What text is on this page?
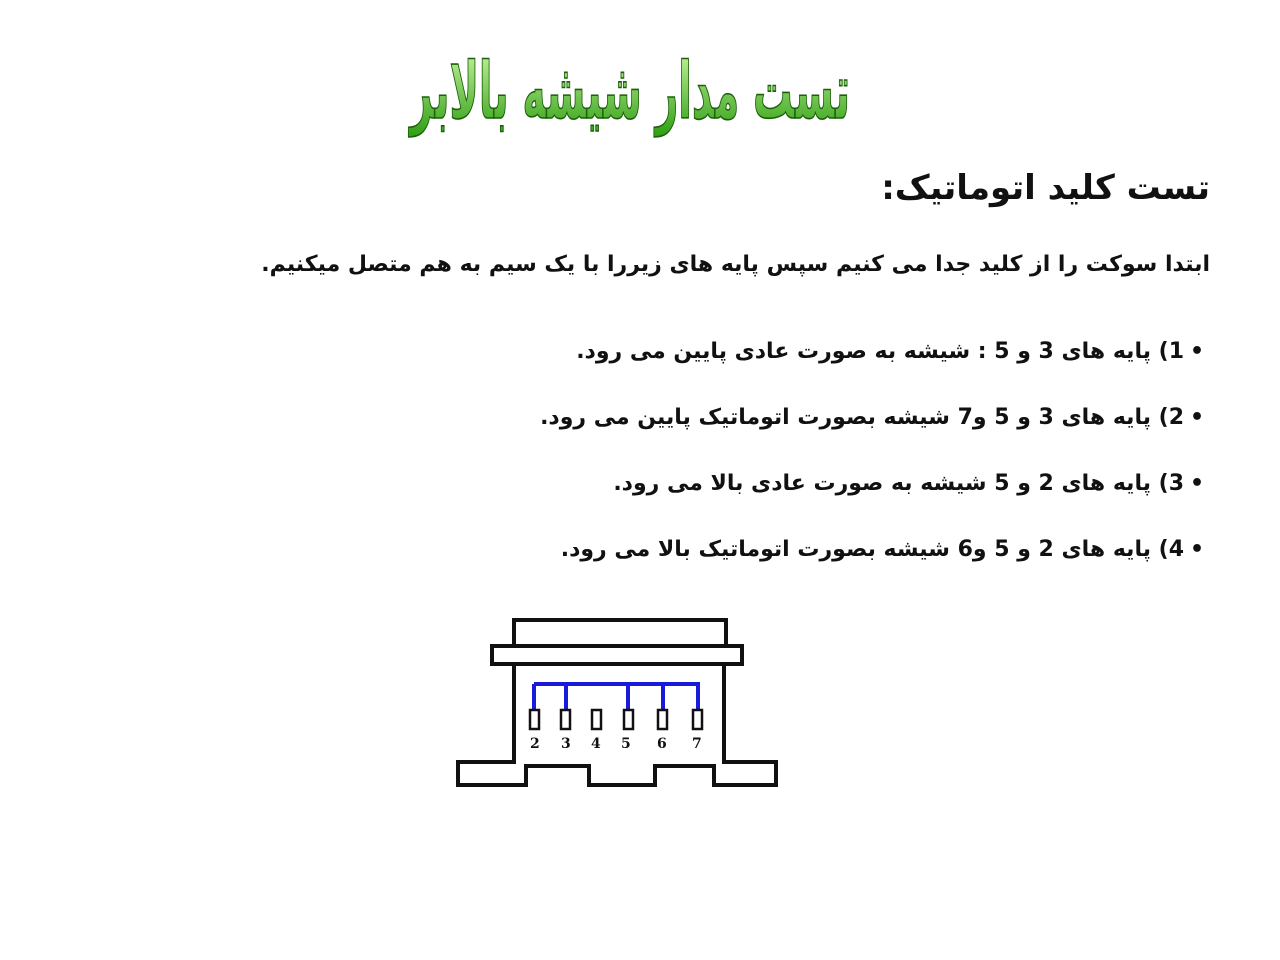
تست مدار شیشه بالابر
تست کلید اتوماتیک:
ابتدا سوکت را از کلید جدا می کنیم سپس پایه های زیررا با یک سیم به هم متصل میکنیم.
•
1) پایه های 3 و 5 : شیشه به صورت عادی پایین می رود.
•
2) پایه های 3 و 5 و7 شیشه بصورت اتوماتیک پایین می رود.
•
3) پایه های 2 و 5 شیشه به صورت عادی بالا می رود.
•
4) پایه های 2 و 5 و6 شیشه بصورت اتوماتیک بالا می رود.
2 3 4 5 6 7
